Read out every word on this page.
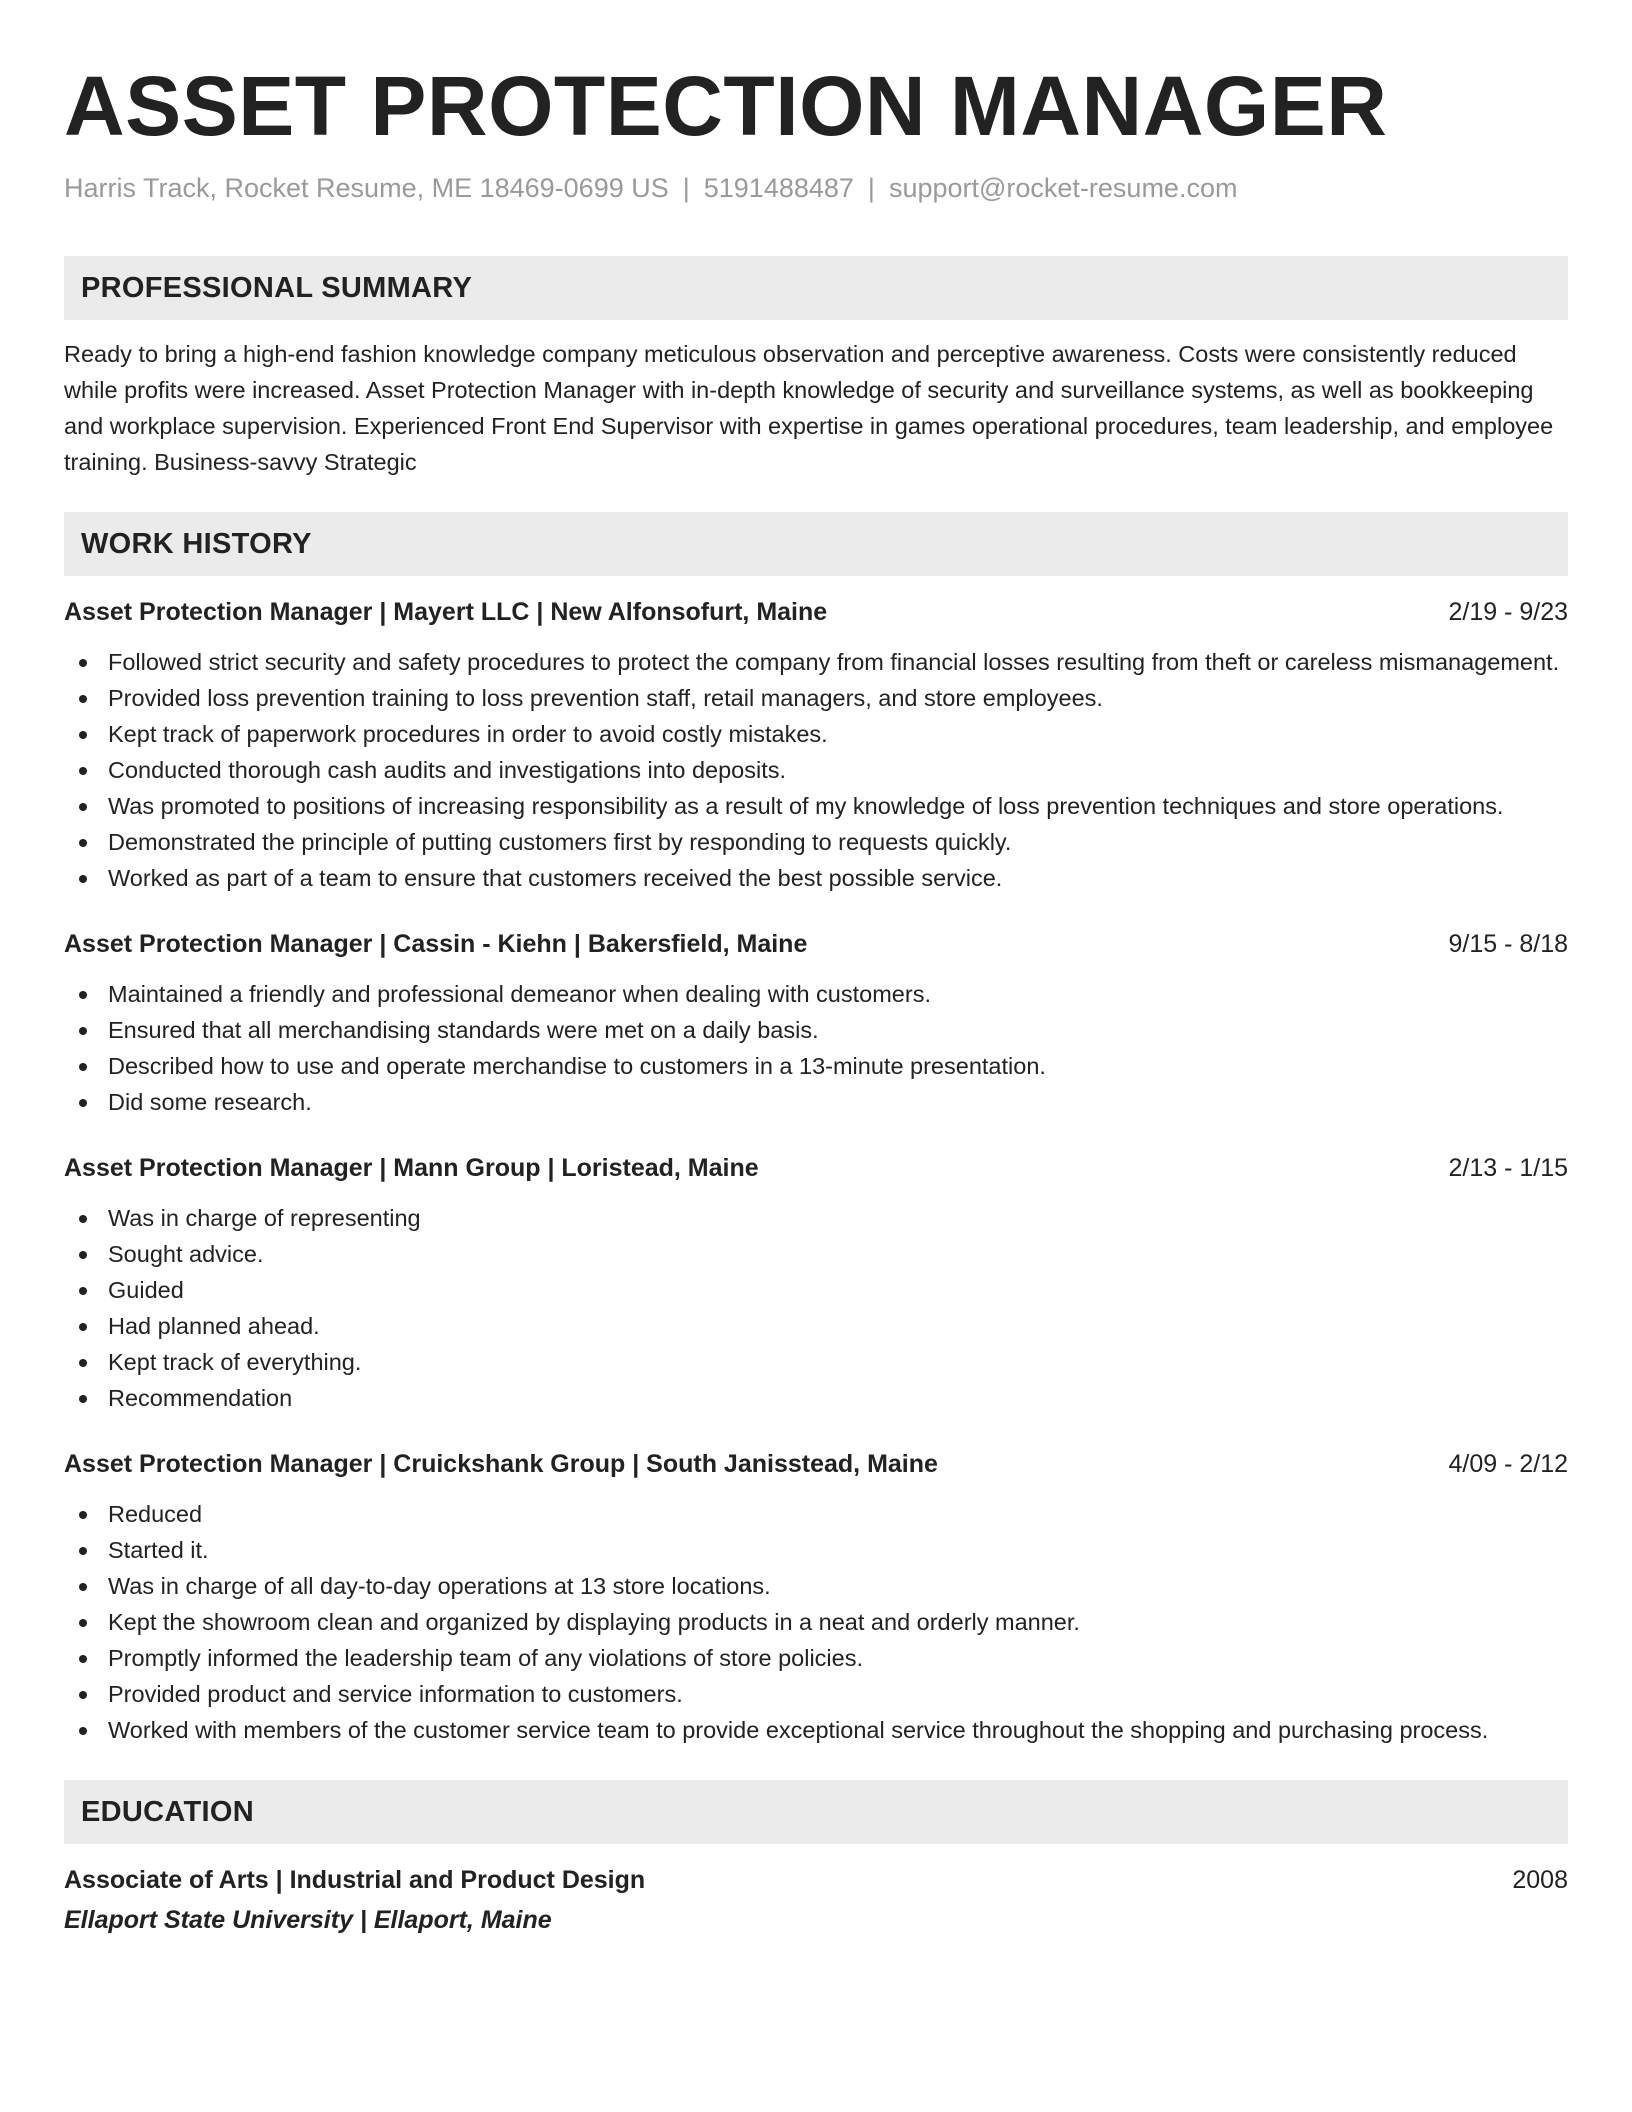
ASSET PROTECTION MANAGER
Harris Track, Rocket Resume, ME 18469-0699 US | 5191488487 | support@rocket-resume.com
PROFESSIONAL SUMMARY
Ready to bring a high-end fashion knowledge company meticulous observation and perceptive awareness. Costs were consistently reduced while profits were increased. Asset Protection Manager with in-depth knowledge of security and surveillance systems, as well as bookkeeping and workplace supervision. Experienced Front End Supervisor with expertise in games operational procedures, team leadership, and employee training. Business-savvy Strategic
WORK HISTORY
Asset Protection Manager | Mayert LLC | New Alfonsofurt, Maine	2/19 - 9/23
Followed strict security and safety procedures to protect the company from financial losses resulting from theft or careless mismanagement.
Provided loss prevention training to loss prevention staff, retail managers, and store employees.
Kept track of paperwork procedures in order to avoid costly mistakes.
Conducted thorough cash audits and investigations into deposits.
Was promoted to positions of increasing responsibility as a result of my knowledge of loss prevention techniques and store operations.
Demonstrated the principle of putting customers first by responding to requests quickly.
Worked as part of a team to ensure that customers received the best possible service.
Asset Protection Manager | Cassin - Kiehn | Bakersfield, Maine	9/15 - 8/18
Maintained a friendly and professional demeanor when dealing with customers.
Ensured that all merchandising standards were met on a daily basis.
Described how to use and operate merchandise to customers in a 13-minute presentation.
Did some research.
Asset Protection Manager | Mann Group | Loristead, Maine	2/13 - 1/15
Was in charge of representing
Sought advice.
Guided
Had planned ahead.
Kept track of everything.
Recommendation
Asset Protection Manager | Cruickshank Group | South Janisstead, Maine	4/09 - 2/12
Reduced
Started it.
Was in charge of all day-to-day operations at 13 store locations.
Kept the showroom clean and organized by displaying products in a neat and orderly manner.
Promptly informed the leadership team of any violations of store policies.
Provided product and service information to customers.
Worked with members of the customer service team to provide exceptional service throughout the shopping and purchasing process.
EDUCATION
Associate of Arts | Industrial and Product Design	2008
Ellaport State University | Ellaport, Maine
